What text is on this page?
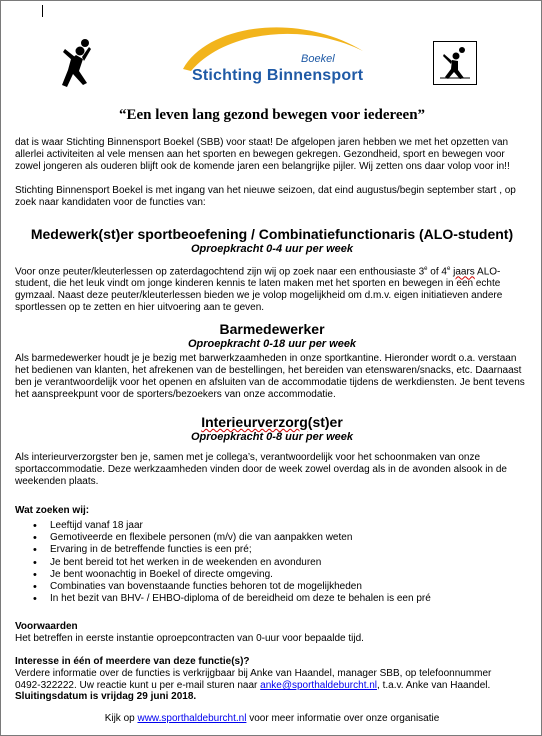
Boekel
Stichting Binnensport
“Een leven lang gezond bewegen voor iedereen”
dat is waar Stichting Binnensport Boekel (SBB) voor staat! De afgelopen jaren hebben we met het opzetten van allerlei activiteiten al vele mensen aan het sporten en bewegen gekregen. Gezondheid, sport en bewegen voor zowel jongeren als ouderen blijft ook de komende jaren een belangrijke pijler. Wij zetten ons daar volop voor in!!
Stichting Binnensport Boekel is met ingang van het nieuwe seizoen, dat eind augustus/begin september start , op zoek naar kandidaten voor de functies van:
Medewerk(st)er sportbeoefening / Combinatiefunctionaris (ALO-student)
Oproepkracht 0-4 uur per week
Voor onze peuter/kleuterlessen op zaterdagochtend zijn wij op zoek naar een enthousiaste 3e of 4e jaars ALO-student, die het leuk vindt om jonge kinderen kennis te laten maken met het sporten en bewegen in een echte gymzaal. Naast deze peuter/kleuterlessen bieden we je volop mogelijkheid om d.m.v. eigen initiatieven andere sportlessen op te zetten en hier uitvoering aan te geven.
Barmedewerker
Oproepkracht 0-18 uur per week
Als barmedewerker houdt je je bezig met barwerkzaamheden in onze sportkantine. Hieronder wordt o.a. verstaan het bedienen van klanten, het afrekenen van de bestellingen, het bereiden van etenswaren/snacks, etc. Daarnaast ben je verantwoordelijk voor het openen en afsluiten van de accommodatie tijdens de werkdiensten. Je bent tevens het aanspreekpunt voor de sporters/bezoekers van onze accommodatie.
Interieurverzorg(st)er
Oproepkracht 0-8 uur per week
Als interieurverzorgster ben je, samen met je collega’s, verantwoordelijk voor het schoonmaken van onze sportaccommodatie. Deze werkzaamheden vinden door de week zowel overdag als in de avonden alsook in de weekenden plaats.
Wat zoeken wij:
• Leeftijd vanaf 18 jaar
• Gemotiveerde en flexibele personen (m/v) die van aanpakken weten
• Ervaring in de betreffende functies is een pré;
• Je bent bereid tot het werken in de weekenden en avonduren
• Je bent woonachtig in Boekel of directe omgeving.
• Combinaties van bovenstaande functies behoren tot de mogelijkheden
• In het bezit van BHV- / EHBO-diploma of de bereidheid om deze te behalen is een pré
Voorwaarden
Het betreffen in eerste instantie oproepcontracten van 0-uur voor bepaalde tijd.
Interesse in één of meerdere van deze functie(s)?
Verdere informatie over de functies is verkrijgbaar bij Anke van Haandel, manager SBB, op telefoonnummer
0492-322222. Uw reactie kunt u per e-mail sturen naar anke@sporthaldeburcht.nl, t.a.v. Anke van Haandel.
Sluitingsdatum is vrijdag 29 juni 2018.
Kijk op www.sporthaldeburcht.nl voor meer informatie over onze organisatie
